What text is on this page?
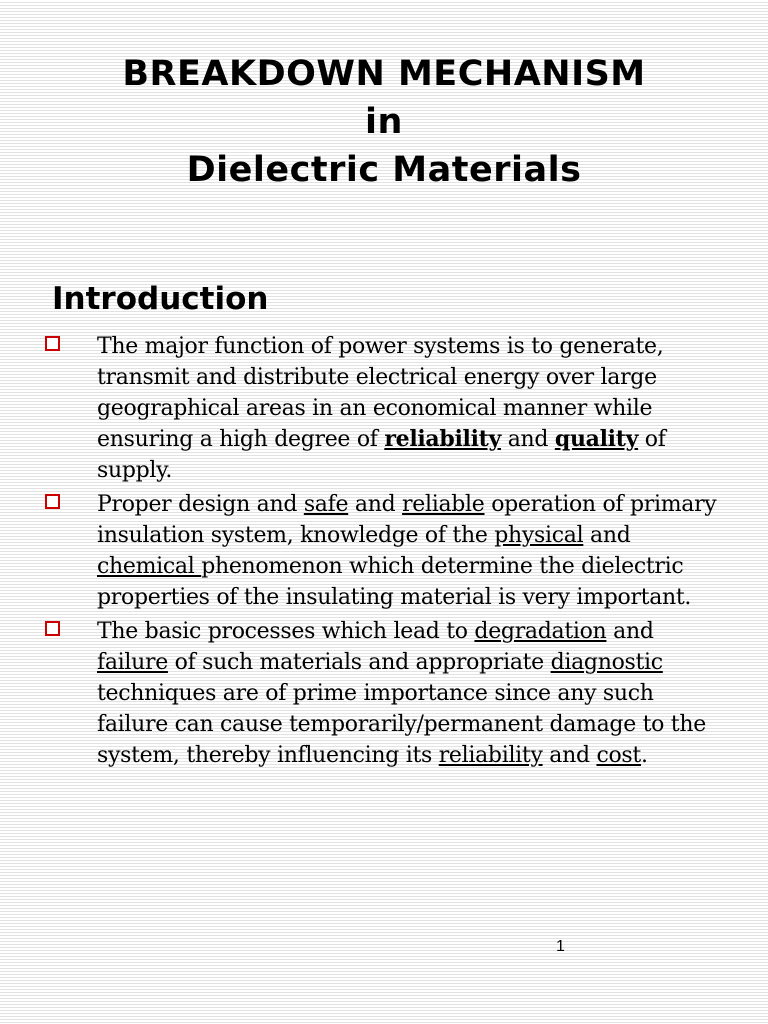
BREAKDOWN MECHANISM
in
Dielectric Materials
Introduction
The major function of power systems is to generate, transmit and distribute electrical energy over large geographical areas in an economical manner while ensuring a high degree of reliability and quality of supply.
Proper design and safe and reliable operation of primary insulation system, knowledge of the physical and chemical phenomenon which determine the dielectric properties of the insulating material is very important.
The basic processes which lead to degradation and failure of such materials and appropriate diagnostic techniques are of prime importance since any such failure can cause temporarily/permanent damage to the system, thereby influencing its reliability and cost.
1
